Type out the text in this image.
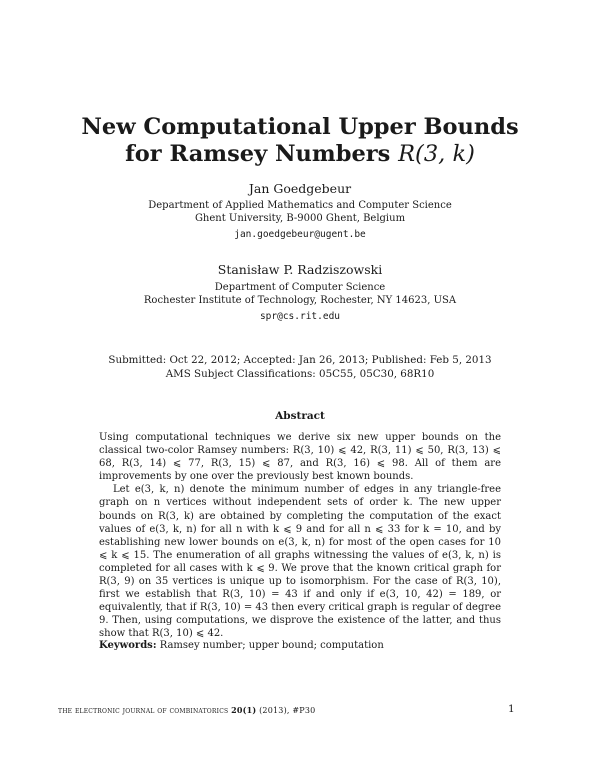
New Computational Upper Bounds
for Ramsey Numbers R(3, k)
Jan Goedgebeur
Department of Applied Mathematics and Computer Science
Ghent University, B-9000 Ghent, Belgium
jan.goedgebeur@ugent.be
Stanisław P. Radziszowski
Department of Computer Science
Rochester Institute of Technology, Rochester, NY 14623, USA
spr@cs.rit.edu
Submitted: Oct 22, 2012; Accepted: Jan 26, 2013; Published: Feb 5, 2013
AMS Subject Classifications: 05C55, 05C30, 68R10
Abstract

Using computational techniques we derive six new upper bounds on the classical two-color Ramsey numbers: R(3, 10) ⩽ 42, R(3, 11) ⩽ 50, R(3, 13) ⩽ 68, R(3, 14) ⩽ 77, R(3, 15) ⩽ 87, and R(3, 16) ⩽ 98. All of them are improvements by one over the previously best known bounds.

Let e(3, k, n) denote the minimum number of edges in any triangle-free graph on n vertices without independent sets of order k. The new upper bounds on R(3, k) are obtained by completing the computation of the exact values of e(3, k, n) for all n with k ⩽ 9 and for all n ⩽ 33 for k = 10, and by establishing new lower bounds on e(3, k, n) for most of the open cases for 10 ⩽ k ⩽ 15. The enumeration of all graphs witnessing the values of e(3, k, n) is completed for all cases with k ⩽ 9. We prove that the known critical graph for R(3, 9) on 35 vertices is unique up to isomorphism. For the case of R(3, 10), first we establish that R(3, 10) = 43 if and only if e(3, 10, 42) = 189, or equivalently, that if R(3, 10) = 43 then every critical graph is regular of degree 9. Then, using computations, we disprove the existence of the latter, and thus show that R(3, 10) ⩽ 42.

Keywords: Ramsey number; upper bound; computation
the electronic journal of combinatorics 20(1) (2013), #P30	1
